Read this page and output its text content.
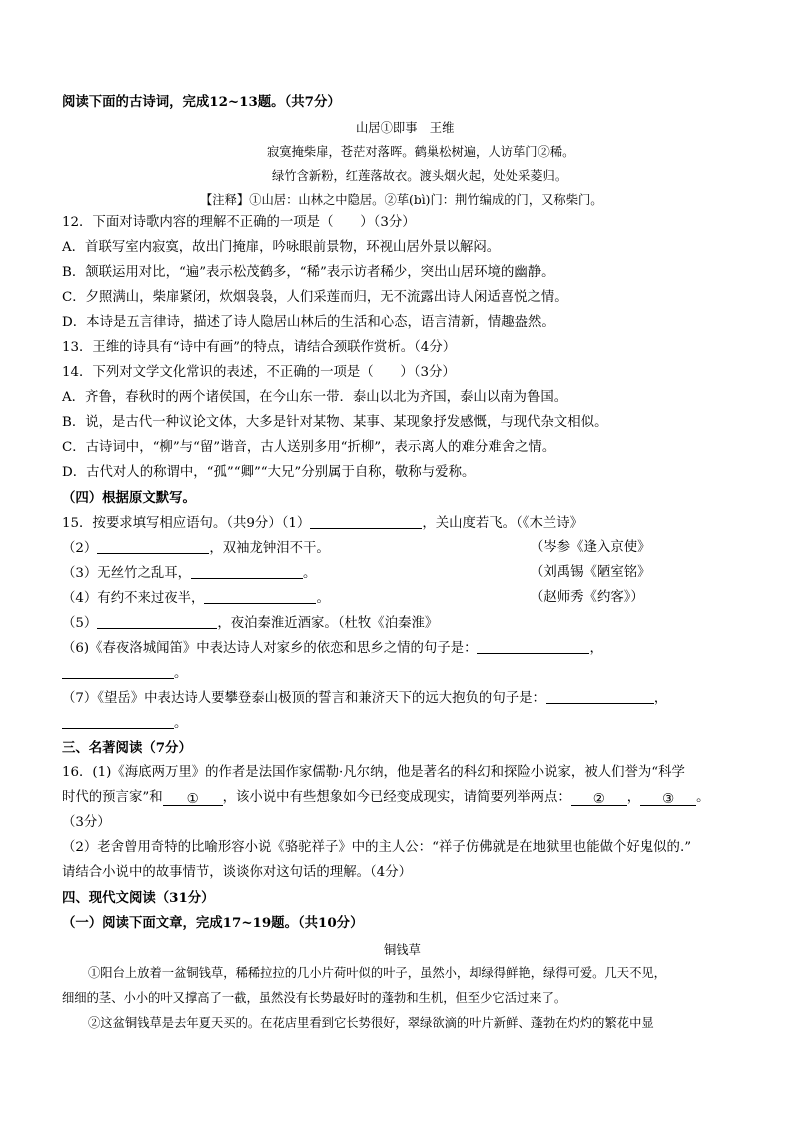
阅读下面的古诗词，完成12~13题。（共7分）
山居①即事　王维
寂寞掩柴扉，苍茫对落晖。鹤巢松树遍，人访荜门②稀。
绿竹含新粉，红莲落故衣。渡头烟火起，处处采菱归。
【注释】①山居：山林之中隐居。②荜(bì)门：荆竹编成的门，又称柴门。
12．下面对诗歌内容的理解不正确的一项是（　　）（3分）
A．首联写室内寂寞，故出门掩扉，吟咏眼前景物，环视山居外景以解闷。
B．颔联运用对比，“遍”表示松茂鹤多，“稀”表示访者稀少，突出山居环境的幽静。
C．夕照满山，柴扉紧闭，炊烟袅袅，人们采莲而归，无不流露出诗人闲适喜悦之情。
D．本诗是五言律诗，描述了诗人隐居山林后的生活和心态，语言清新，情趣盎然。
13．王维的诗具有“诗中有画”的特点，请结合颈联作赏析。（4分）
14．下列对文学文化常识的表述，不正确的一项是（　　）（3分）
A．齐鲁，春秋时的两个诸侯国，在今山东一带．泰山以北为齐国，泰山以南为鲁国。
B．说，是古代一种议论文体，大多是针对某物、某事、某现象抒发感慨，与现代杂文相似。
C．古诗词中，“柳”与“留”谐音，古人送别多用“折柳”，表示离人的难分难舍之情。
D．古代对人的称谓中，“孤”“卿”“大兄”分别属于自称，敬称与爱称。
（四）根据原文默写。
15．按要求填写相应语句。（共9分）（1）	，关山度若飞。（《木兰诗》
（2）	，双袖龙钟泪不干。	（岑参《逢入京使》
（3）无丝竹之乱耳，	。	（刘禹锡《陋室铭》
（4）有约不来过夜半，	。	（赵师秀《约客》）
（5）	，夜泊秦淮近酒家。（杜牧《泊秦淮》
（6)《春夜洛城闻笛》中表达诗人对家乡的依恋和思乡之情的句子是：	，
。
（7）《望岳》中表达诗人要攀登泰山极顶的誓言和兼济天下的远大抱负的句子是：	，
。
三、名著阅读（7分）
16．(1)《海底两万里》的作者是法国作家儒勒·凡尔纳，他是著名的科幻和探险小说家，被人们誉为“科学
时代的预言家”和 ① ，该小说中有些想象如今已经变成现实，请简要列举两点： ② ， ③ 。
（3分）
（2）老舍曾用奇特的比喻形容小说《骆驼祥子》中的主人公：“祥子仿佛就是在地狱里也能做个好鬼似的.”
请结合小说中的故事情节，谈谈你对这句话的理解。（4分）
四、现代文阅读（31分）
（一）阅读下面文章，完成17~19题。（共10分）
铜钱草
①阳台上放着一盆铜钱草，稀稀拉拉的几小片荷叶似的叶子，虽然小，却绿得鲜艳，绿得可爱。几天不见，
细细的茎、小小的叶又撑高了一截，虽然没有长势最好时的蓬勃和生机，但至少它活过来了。
②这盆铜钱草是去年夏天买的。在花店里看到它长势很好，翠绿欲滴的叶片新鲜、蓬勃在灼灼的繁花中显
